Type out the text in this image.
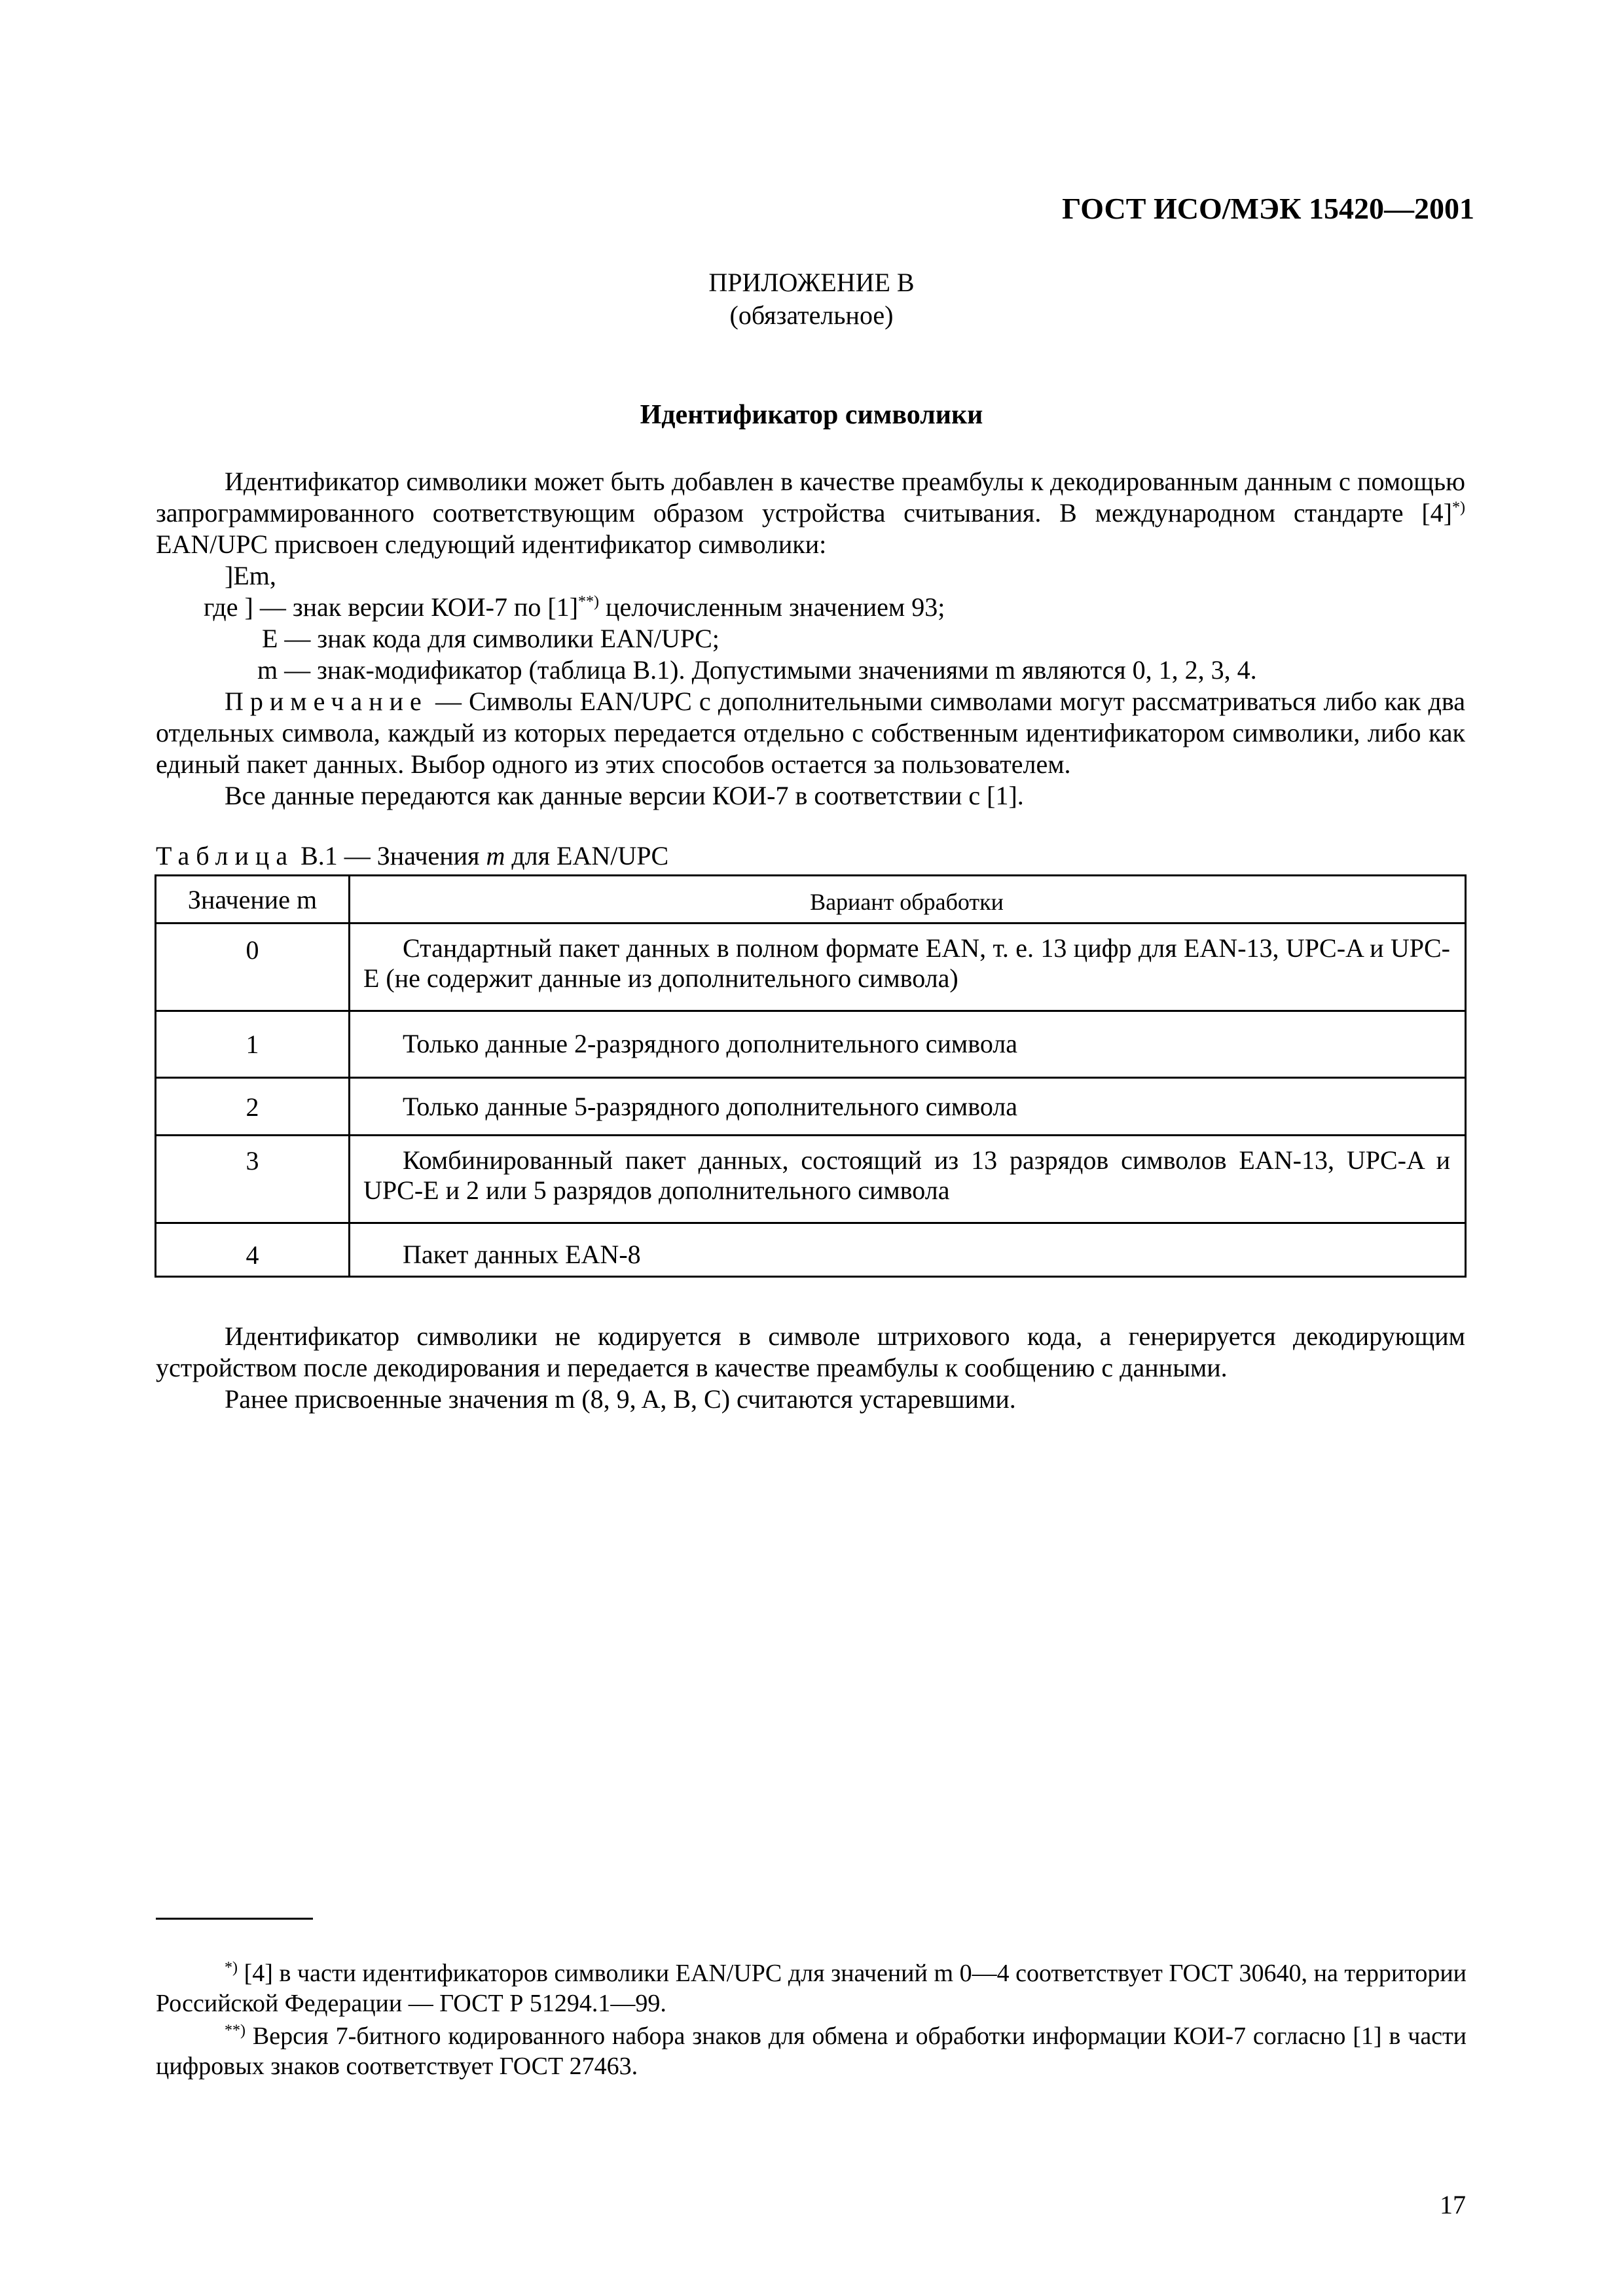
ГОСТ ИСО/МЭК 15420—2001
ПРИЛОЖЕНИЕ В
(обязательное)
Идентификатор символики
Идентификатор символики может быть добавлен в качестве преамбулы к декодированным данным с помощью запрограммированного соответствующим образом устройства считывания. В международном стандарте [4]*) EAN/UPC присвоен следующий идентификатор символики:
]Em,
где ] — знак версии КОИ-7 по [1]**) целочисленным значением 93;
Е — знак кода для символики EAN/UPC;
m — знак-модификатор (таблица В.1). Допустимыми значениями m являются 0, 1, 2, 3, 4.
Примечание — Символы EAN/UPC с дополнительными символами могут рассматриваться либо как два отдельных символа, каждый из которых передается отдельно с собственным идентификатором символики, либо как единый пакет данных. Выбор одного из этих способов остается за пользователем.
Все данные передаются как данные версии КОИ-7 в соответствии с [1].
Таблица В.1 — Значения m для EAN/UPC
Значение m	Вариант обработки
0	Стандартный пакет данных в полном формате EAN, т. е. 13 цифр для EAN-13, UPC-A и UPC-E (не содержит данные из дополнительного символа)
1	Только данные 2-разрядного дополнительного символа
2	Только данные 5-разрядного дополнительного символа
3	Комбинированный пакет данных, состоящий из 13 разрядов символов EAN-13, UPC-A и UPC-E и 2 или 5 разрядов дополнительного символа
4	Пакет данных EAN-8
Идентификатор символики не кодируется в символе штрихового кода, а генерируется декодирующим устройством после декодирования и передается в качестве преамбулы к сообщению с данными.
Ранее присвоенные значения m (8, 9, A, B, C) считаются устаревшими.
*) [4] в части идентификаторов символики EAN/UPC для значений m 0—4 соответствует ГОСТ 30640, на территории Российской Федерации — ГОСТ Р 51294.1—99.
**) Версия 7-битного кодированного набора знаков для обмена и обработки информации КОИ-7 согласно [1] в части цифровых знаков соответствует ГОСТ 27463.
17
